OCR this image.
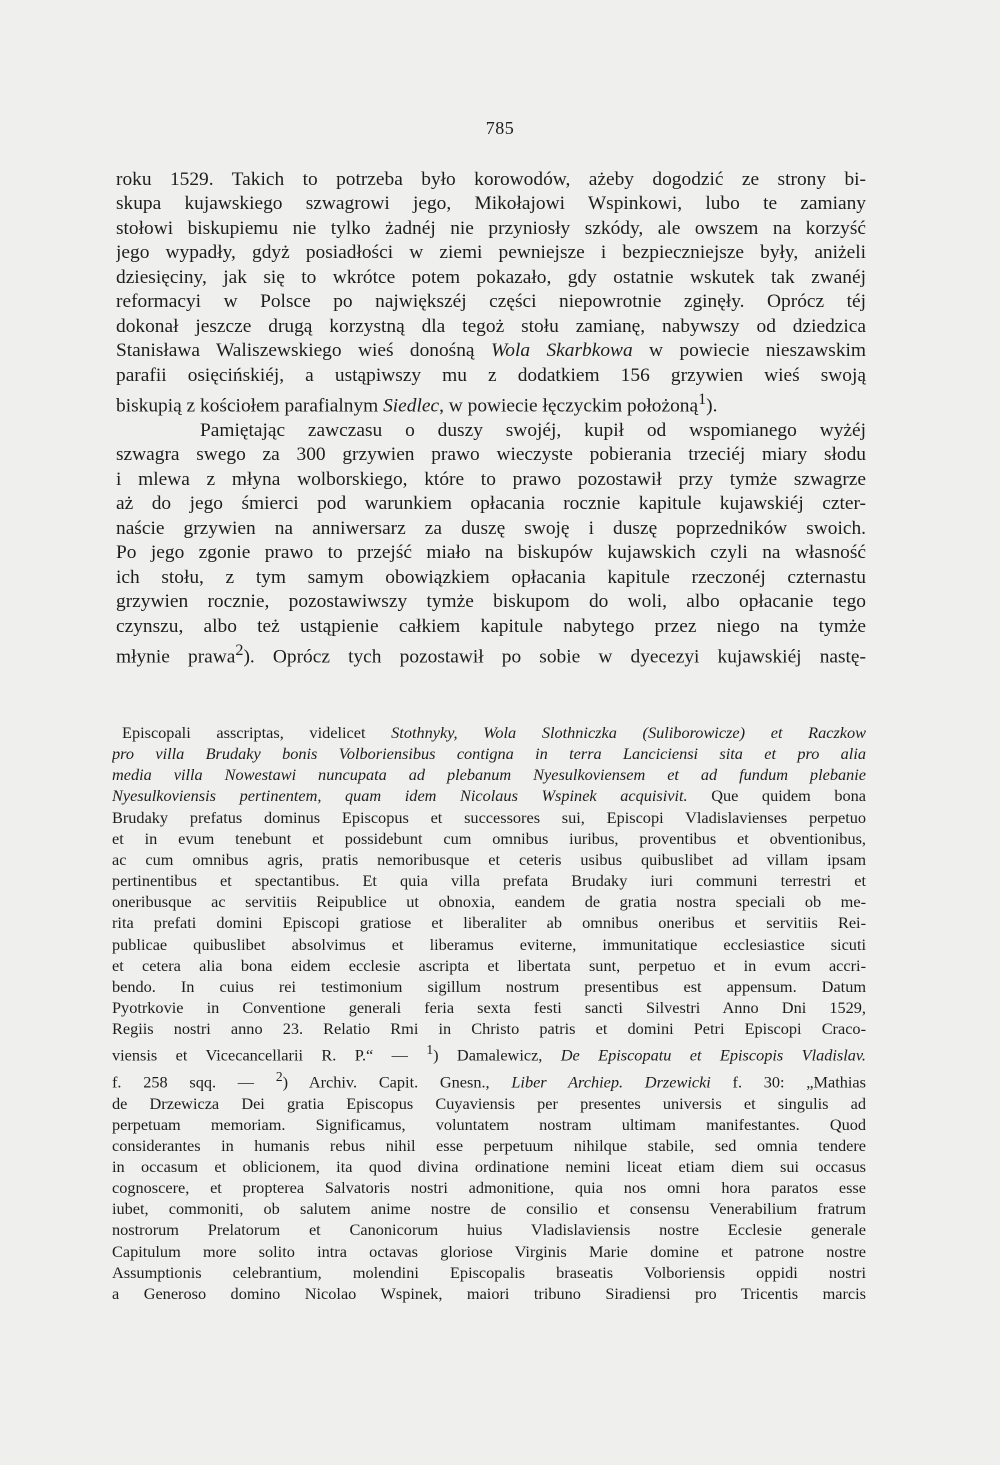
785
roku 1529. Takich to potrzeba było korowodów, ażeby dogodzić ze strony bi-
skupa kujawskiego szwagrowi jego, Mikołajowi Wspinkowi, lubo te zamiany
stołowi biskupiemu nie tylko żadnéj nie przyniosły szkódy, ale owszem na korzyść
jego wypadły, gdyż posiadłości w ziemi pewniejsze i bezpieczniejsze były, aniżeli
dziesięciny, jak się to wkrótce potem pokazało, gdy ostatnie wskutek tak zwanéj
reformacyi w Polsce po największéj części niepowrotnie zginęły. Oprócz téj
dokonał jeszcze drugą korzystną dla tegoż stołu zamianę, nabywszy od dziedzica
Stanisława Waliszewskiego wieś donośną Wola Skarbkowa w powiecie nieszawskim
parafii osięcińskiéj, a ustąpiwszy mu z dodatkiem 156 grzywien wieś swoją
biskupią z kościołem parafialnym Siedlec, w powiecie łęczyckim położoną$^1$).
Pamiętając zawczasu o duszy swojéj, kupił od wspomianego wyżéj
szwagra swego za 300 grzywien prawo wieczyste pobierania trzeciéj miary słodu
i mlewa z młyna wolborskiego, które to prawo pozostawił przy tymże szwagrze
aż do jego śmierci pod warunkiem opłacania rocznie kapitule kujawskiéj czter-
naście grzywien na anniwersarz za duszę swoję i duszę poprzedników swoich.
Po jego zgonie prawo to przejść miało na biskupów kujawskich czyli na własność
ich stołu, z tym samym obowiązkiem opłacania kapitule rzeczonéj czternastu
grzywien rocznie, pozostawiwszy tymże biskupom do woli, albo opłacanie tego
czynszu, albo też ustąpienie całkiem kapitule nabytego przez niego na tymże
młynie prawa$^2$). Oprócz tych pozostawił po sobie w dyecezyi kujawskiéj nastę-
Episcopali asscriptas, videlicet Stothnyky, Wola Slothniczka (Suliborowicze) et Raczkow
pro villa Brudaky bonis Volboriensibus contigna in terra Lanciciensi sita et pro alia
media villa Nowestawi nuncupata ad plebanum Nyesulkoviensem et ad fundum plebanie
Nyesulkoviensis pertinentem, quam idem Nicolaus Wspinek acquisivit. Que quidem bona
Brudaky prefatus dominus Episcopus et successores sui, Episcopi Vladislavienses perpetuo
et in evum tenebunt et possidebunt cum omnibus iuribus, proventibus et obventionibus,
ac cum omnibus agris, pratis nemoribusque et ceteris usibus quibuslibet ad villam ipsam
pertinentibus et spectantibus. Et quia villa prefata Brudaky iuri communi terrestri et
oneribusque ac servitiis Reipublice ut obnoxia, eandem de gratia nostra speciali ob me-
rita prefati domini Episcopi gratiose et liberaliter ab omnibus oneribus et servitiis Rei-
publicae quibuslibet absolvimus et liberamus eviterne, immunitatique ecclesiastice sicuti
et cetera alia bona eidem ecclesie ascripta et libertata sunt, perpetuo et in evum accri-
bendo. In cuius rei testimonium sigillum nostrum presentibus est appensum. Datum
Pyotrkovie in Conventione generali feria sexta festi sancti Silvestri Anno Dni 1529,
Regiis nostri anno 23. Relatio Rmi in Christo patris et domini Petri Episcopi Craco-
viensis et Vicecancellarii R. P.“ — $^1$) Damalewicz, De Episcopatu et Episcopis Vladislav.
f. 258 sqq. — $^2$) Archiv. Capit. Gnesn., Liber Archiep. Drzewicki f. 30: „Mathias
de Drzewicza Dei gratia Episcopus Cuyaviensis per presentes universis et singulis ad
perpetuam memoriam. Significamus, voluntatem nostram ultimam manifestantes. Quod
considerantes in humanis rebus nihil esse perpetuum nihilque stabile, sed omnia tendere
in occasum et oblicionem, ita quod divina ordinatione nemini liceat etiam diem sui occasus
cognoscere, et propterea Salvatoris nostri admonitione, quia nos omni hora paratos esse
iubet, commoniti, ob salutem anime nostre de consilio et consensu Venerabilium fratrum
nostrorum Prelatorum et Canonicorum huius Vladislaviensis nostre Ecclesie generale
Capitulum more solito intra octavas gloriose Virginis Marie domine et patrone nostre
Assumptionis celebrantium, molendini Episcopalis braseatis Volboriensis oppidi nostri
a Generoso domino Nicolao Wspinek, maiori tribuno Siradiensi pro Tricentis marcis
